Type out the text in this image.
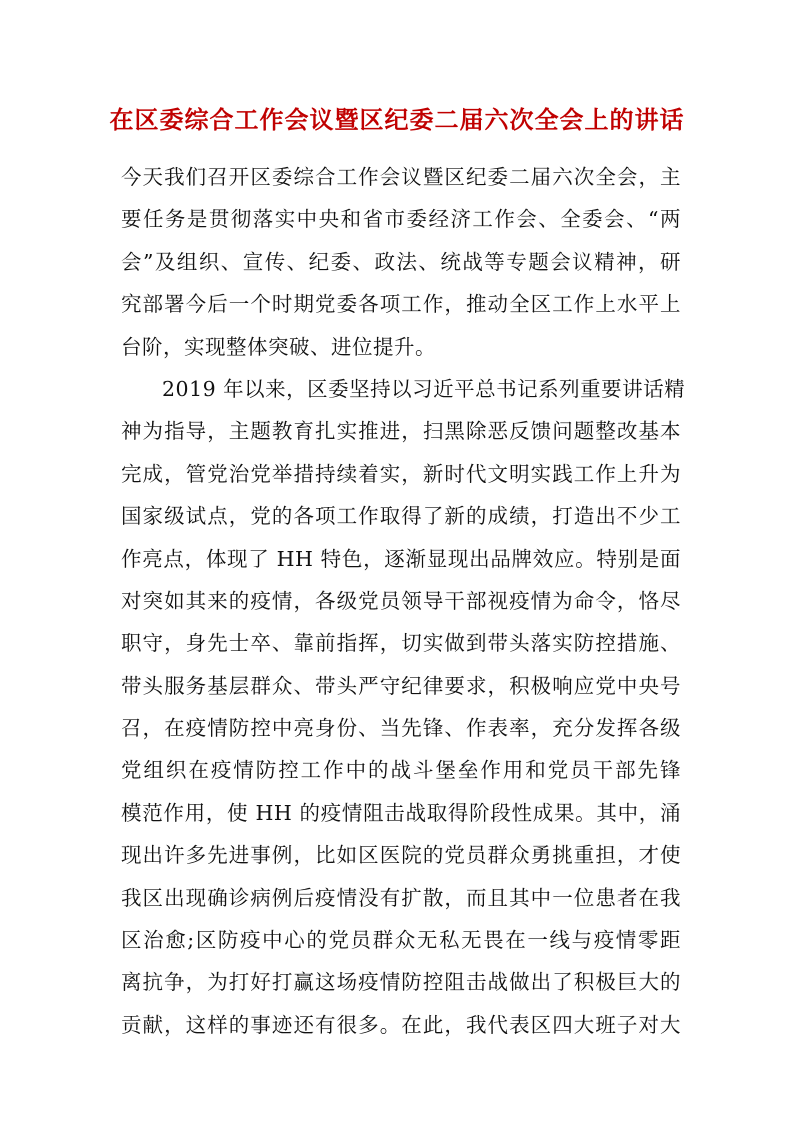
在区委综合工作会议暨区纪委二届六次全会上的讲话
今天我们召开区委综合工作会议暨区纪委二届六次全会，主
要任务是贯彻落实中央和省市委经济工作会、全委会、“两
会”及组织、宣传、纪委、政法、统战等专题会议精神，研
究部署今后一个时期党委各项工作，推动全区工作上水平上
台阶，实现整体突破、进位提升。
2019 年以来，区委坚持以习近平总书记系列重要讲话精
神为指导，主题教育扎实推进，扫黑除恶反馈问题整改基本
完成，管党治党举措持续着实，新时代文明实践工作上升为
国家级试点，党的各项工作取得了新的成绩，打造出不少工
作亮点，体现了 HH 特色，逐渐显现出品牌效应。特别是面
对突如其来的疫情，各级党员领导干部视疫情为命令，恪尽
职守，身先士卒、靠前指挥，切实做到带头落实防控措施、
带头服务基层群众、带头严守纪律要求，积极响应党中央号
召，在疫情防控中亮身份、当先锋、作表率，充分发挥各级
党组织在疫情防控工作中的战斗堡垒作用和党员干部先锋
模范作用，使 HH 的疫情阻击战取得阶段性成果。其中，涌
现出许多先进事例，比如区医院的党员群众勇挑重担，才使
我区出现确诊病例后疫情没有扩散，而且其中一位患者在我
区治愈;区防疫中心的党员群众无私无畏在一线与疫情零距
离抗争，为打好打赢这场疫情防控阻击战做出了积极巨大的
贡献，这样的事迹还有很多。在此，我代表区四大班子对大
